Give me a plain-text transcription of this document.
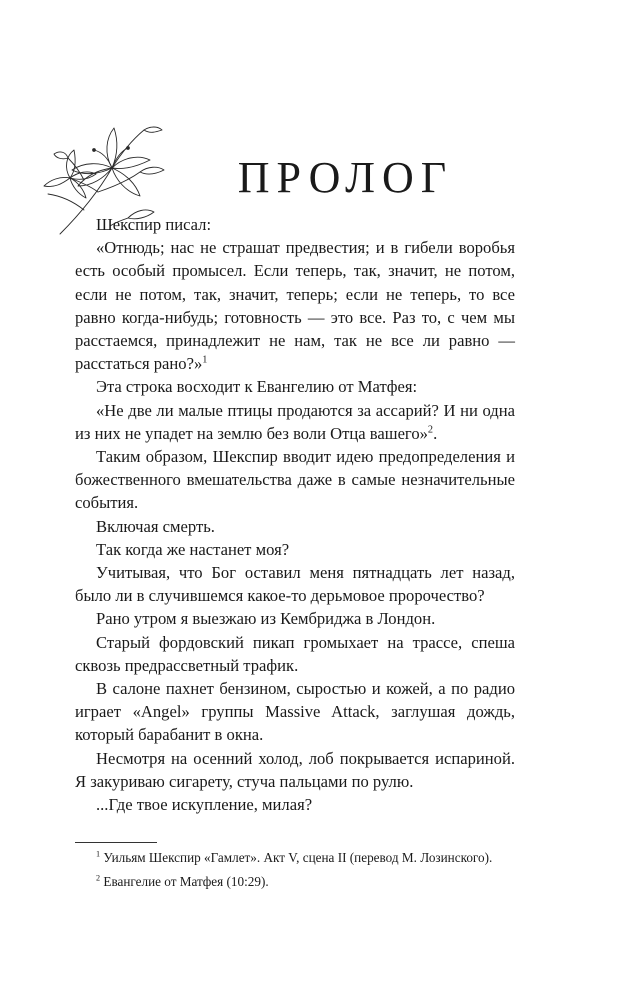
ПРОЛОГ

Шекспир писал:

«Отнюдь; нас не страшат предвестия; и в гибели воробья есть особый промысел. Если теперь, так, значит, не потом, если не потом, так, значит, теперь; если не теперь, то все равно когда-нибудь; готовность — это все. Раз то, с чем мы расстаемся, принадлежит не нам, так не все ли равно — расстаться рано?»$^1$

Эта строка восходит к Евангелию от Матфея:

«Не две ли малые птицы продаются за ассарий? И ни одна из них не упадет на землю без воли Отца вашего»$^2$.

Таким образом, Шекспир вводит идею предопределения и божественного вмешательства даже в самые незначительные события.

Включая смерть.

Так когда же настанет моя?

Учитывая, что Бог оставил меня пятнадцать лет назад, было ли в случившемся какое-то дерьмовое пророчество?

Рано утром я выезжаю из Кембриджа в Лондон.

Старый фордовский пикап громыхает на трассе, спеша сквозь предрассветный трафик.

В салоне пахнет бензином, сыростью и кожей, а по радио играет «Angel» группы Massive Attack, заглушая дождь, который барабанит в окна.

Несмотря на осенний холод, лоб покрывается испариной. Я закуриваю сигарету, стуча пальцами по рулю.

...Где твое искупление, милая?

$^1$ Уильям Шекспир «Гамлет». Акт V, сцена II (перевод М. Лозинского).

$^2$ Евангелие от Матфея (10:29).
